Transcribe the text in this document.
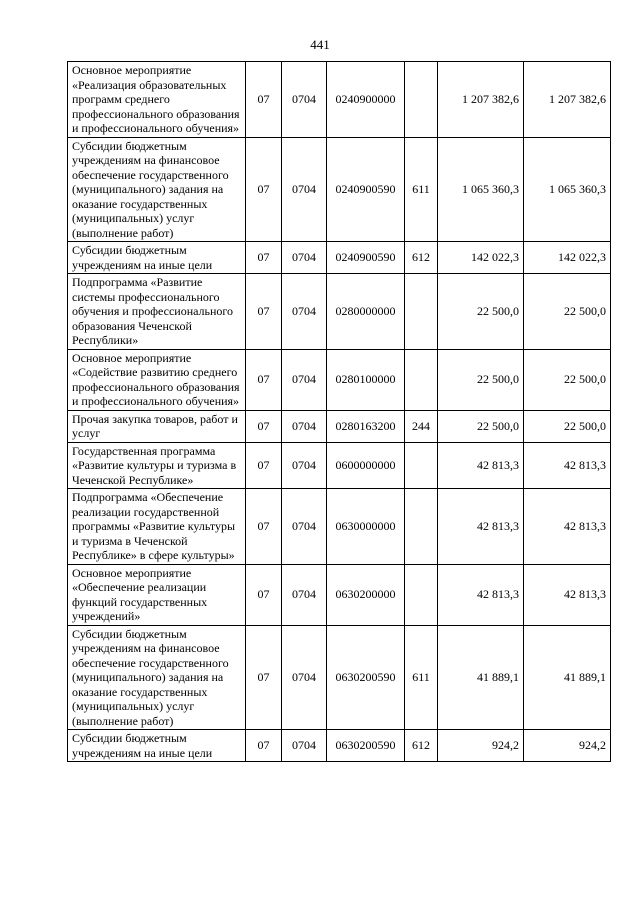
441
Основное мероприятие «Реализация образовательных программ среднего профессионального образования и профессионального обучения»	07	0704	0240900000		1 207 382,6	1 207 382,6
Субсидии бюджетным учреждениям на финансовое обеспечение государственного (муниципального) задания на оказание государственных (муниципальных) услуг (выполнение работ)	07	0704	0240900590	611	1 065 360,3	1 065 360,3
Субсидии бюджетным учреждениям на иные цели	07	0704	0240900590	612	142 022,3	142 022,3
Подпрограмма «Развитие системы профессионального обучения и профессионального образования Чеченской Республики»	07	0704	0280000000		22 500,0	22 500,0
Основное мероприятие «Содействие развитию среднего профессионального образования и профессионального обучения»	07	0704	0280100000		22 500,0	22 500,0
Прочая закупка товаров, работ и услуг	07	0704	0280163200	244	22 500,0	22 500,0
Государственная программа «Развитие культуры и туризма в Чеченской Республике»	07	0704	0600000000		42 813,3	42 813,3
Подпрограмма «Обеспечение реализации государственной программы «Развитие культуры и туризма в Чеченской Республике» в сфере культуры»	07	0704	0630000000		42 813,3	42 813,3
Основное мероприятие «Обеспечение реализации функций государственных учреждений»	07	0704	0630200000		42 813,3	42 813,3
Субсидии бюджетным учреждениям на финансовое обеспечение государственного (муниципального) задания на оказание государственных (муниципальных) услуг (выполнение работ)	07	0704	0630200590	611	41 889,1	41 889,1
Субсидии бюджетным учреждениям на иные цели	07	0704	0630200590	612	924,2	924,2
